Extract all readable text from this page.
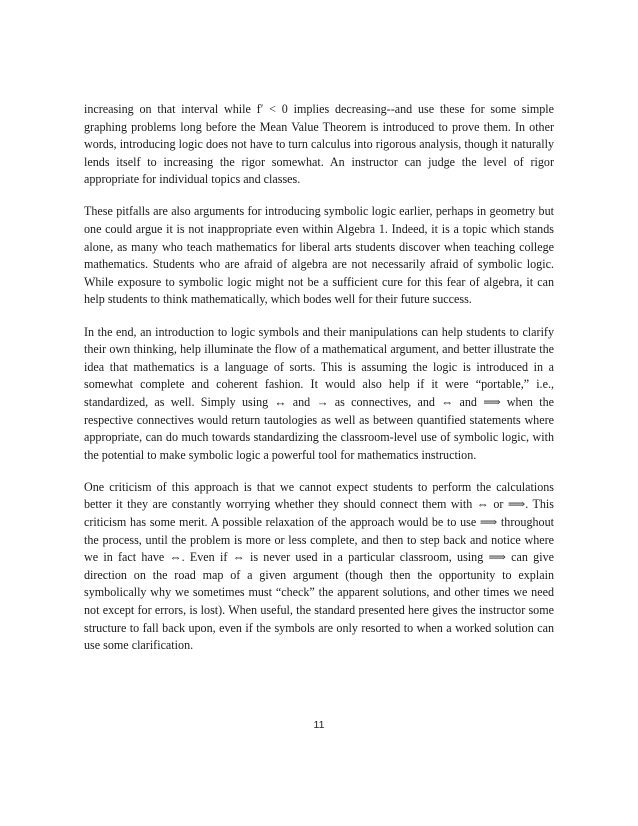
increasing on that interval while f′ < 0 implies decreasing--and use these for some simple graphing problems long before the Mean Value Theorem is introduced to prove them. In other words, introducing logic does not have to turn calculus into rigorous analysis, though it naturally lends itself to increasing the rigor somewhat. An instructor can judge the level of rigor appropriate for individual topics and classes.

These pitfalls are also arguments for introducing symbolic logic earlier, perhaps in geometry but one could argue it is not inappropriate even within Algebra 1. Indeed, it is a topic which stands alone, as many who teach mathematics for liberal arts students discover when teaching college mathematics. Students who are afraid of algebra are not necessarily afraid of symbolic logic. While exposure to symbolic logic might not be a sufficient cure for this fear of algebra, it can help students to think mathematically, which bodes well for their future success.

In the end, an introduction to logic symbols and their manipulations can help students to clarify their own thinking, help illuminate the flow of a mathematical argument, and better illustrate the idea that mathematics is a language of sorts. This is assuming the logic is introduced in a somewhat complete and coherent fashion. It would also help if it were “portable,” i.e., standardized, as well. Simply using ↔ and → as connectives, and ⇔ and ⟹ when the respective connectives would return tautologies as well as between quantified statements where appropriate, can do much towards standardizing the classroom-level use of symbolic logic, with the potential to make symbolic logic a powerful tool for mathematics instruction.

One criticism of this approach is that we cannot expect students to perform the calculations better it they are constantly worrying whether they should connect them with ⇔ or ⟹. This criticism has some merit. A possible relaxation of the approach would be to use ⟹ throughout the process, until the problem is more or less complete, and then to step back and notice where we in fact have ⇔. Even if ⇔ is never used in a particular classroom, using ⟹ can give direction on the road map of a given argument (though then the opportunity to explain symbolically why we sometimes must “check” the apparent solutions, and other times we need not except for errors, is lost). When useful, the standard presented here gives the instructor some structure to fall back upon, even if the symbols are only resorted to when a worked solution can use some clarification.

11
